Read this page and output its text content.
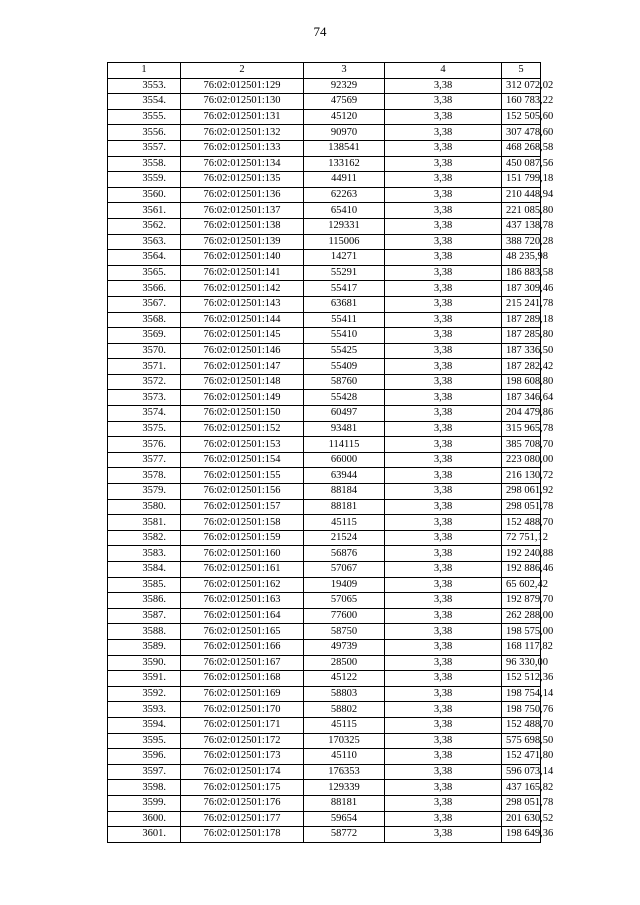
74
1	2	3	4	5
3553.	76:02:012501:129	92329	3,38	312 072,02
3554.	76:02:012501:130	47569	3,38	160 783,22
3555.	76:02:012501:131	45120	3,38	152 505,60
3556.	76:02:012501:132	90970	3,38	307 478,60
3557.	76:02:012501:133	138541	3,38	468 268,58
3558.	76:02:012501:134	133162	3,38	450 087,56
3559.	76:02:012501:135	44911	3,38	151 799,18
3560.	76:02:012501:136	62263	3,38	210 448,94
3561.	76:02:012501:137	65410	3,38	221 085,80
3562.	76:02:012501:138	129331	3,38	437 138,78
3563.	76:02:012501:139	115006	3,38	388 720,28
3564.	76:02:012501:140	14271	3,38	48 235,98
3565.	76:02:012501:141	55291	3,38	186 883,58
3566.	76:02:012501:142	55417	3,38	187 309,46
3567.	76:02:012501:143	63681	3,38	215 241,78
3568.	76:02:012501:144	55411	3,38	187 289,18
3569.	76:02:012501:145	55410	3,38	187 285,80
3570.	76:02:012501:146	55425	3,38	187 336,50
3571.	76:02:012501:147	55409	3,38	187 282,42
3572.	76:02:012501:148	58760	3,38	198 608,80
3573.	76:02:012501:149	55428	3,38	187 346,64
3574.	76:02:012501:150	60497	3,38	204 479,86
3575.	76:02:012501:152	93481	3,38	315 965,78
3576.	76:02:012501:153	114115	3,38	385 708,70
3577.	76:02:012501:154	66000	3,38	223 080,00
3578.	76:02:012501:155	63944	3,38	216 130,72
3579.	76:02:012501:156	88184	3,38	298 061,92
3580.	76:02:012501:157	88181	3,38	298 051,78
3581.	76:02:012501:158	45115	3,38	152 488,70
3582.	76:02:012501:159	21524	3,38	72 751,12
3583.	76:02:012501:160	56876	3,38	192 240,88
3584.	76:02:012501:161	57067	3,38	192 886,46
3585.	76:02:012501:162	19409	3,38	65 602,42
3586.	76:02:012501:163	57065	3,38	192 879,70
3587.	76:02:012501:164	77600	3,38	262 288,00
3588.	76:02:012501:165	58750	3,38	198 575,00
3589.	76:02:012501:166	49739	3,38	168 117,82
3590.	76:02:012501:167	28500	3,38	96 330,00
3591.	76:02:012501:168	45122	3,38	152 512,36
3592.	76:02:012501:169	58803	3,38	198 754,14
3593.	76:02:012501:170	58802	3,38	198 750,76
3594.	76:02:012501:171	45115	3,38	152 488,70
3595.	76:02:012501:172	170325	3,38	575 698,50
3596.	76:02:012501:173	45110	3,38	152 471,80
3597.	76:02:012501:174	176353	3,38	596 073,14
3598.	76:02:012501:175	129339	3,38	437 165,82
3599.	76:02:012501:176	88181	3,38	298 051,78
3600.	76:02:012501:177	59654	3,38	201 630,52
3601.	76:02:012501:178	58772	3,38	198 649,36
